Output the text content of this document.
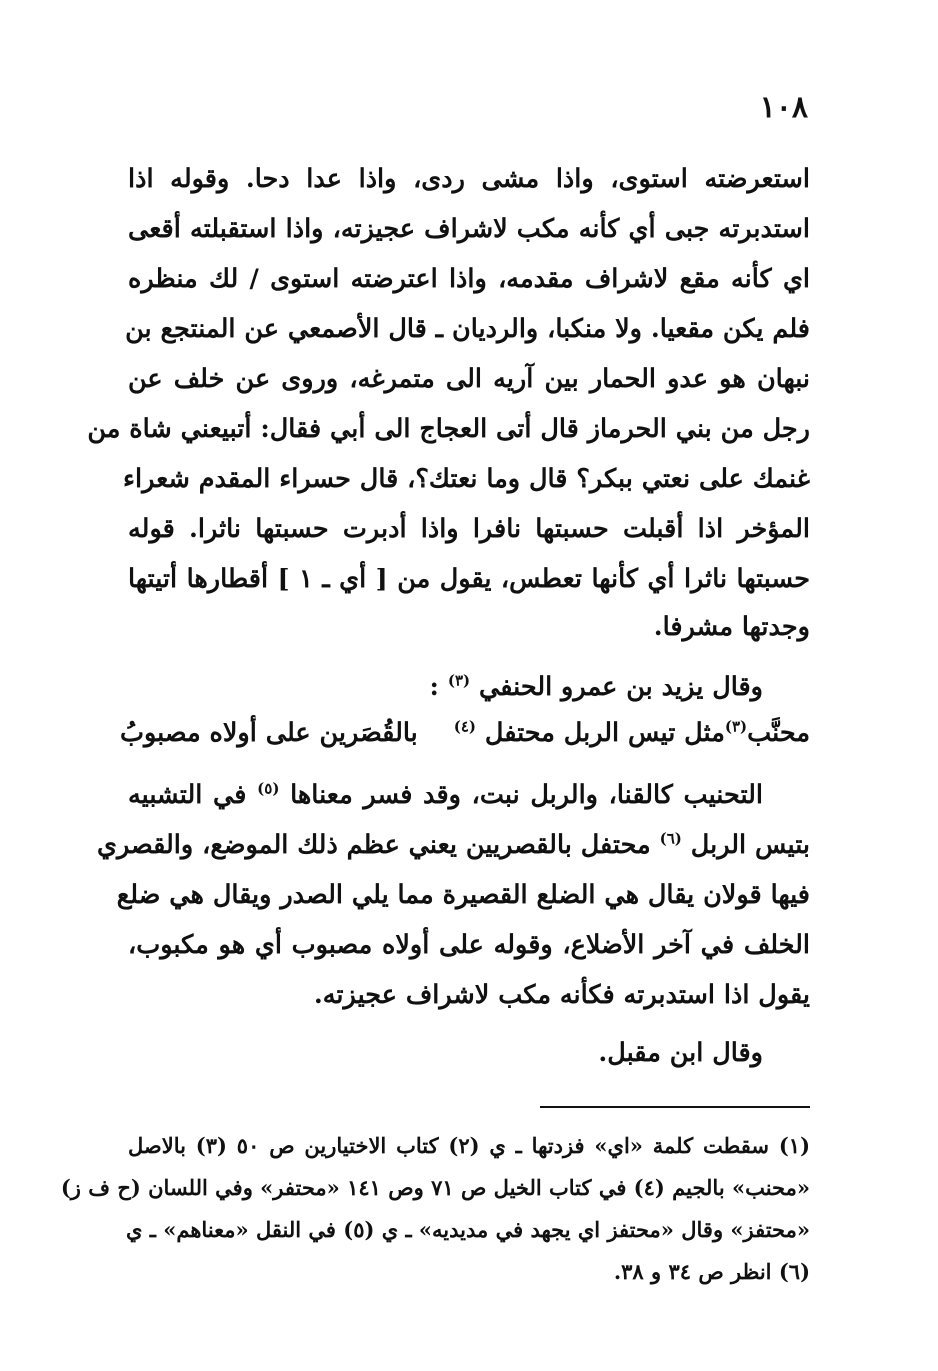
١٠٨
استعرضته استوى، واذا مشى ردى، واذا عدا دحا. وقوله اذا
استدبرته جبى أي كأنه مكب لاشراف عجيزته، واذا استقبلته أقعى
اي كأنه مقع لاشراف مقدمه، واذا اعترضته استوى / لك منظره
فلم يكن مقعيا. ولا منكبا، والرديان ـ قال الأصمعي عن المنتجع بن
نبهان هو عدو الحمار بين آريه الى متمرغه، وروى عن خلف عن
رجل من بني الحرماز قال أتى العجاج الى أبي فقال: أتبيعني شاة من
غنمك على نعتي ببكر؟ قال وما نعتك؟، قال حسراء المقدم شعراء
المؤخر اذا أقبلت حسبتها نافرا واذا أدبرت حسبتها ناثرا. قوله
حسبتها ناثرا أي كأنها تعطس، يقول من [ أي ـ ١ ] أقطارها أتيتها
وجدتها مشرفا.
وقال يزيد بن عمرو الحنفي $^{(٣)}$ :
محنَّب$^{(٣)}$مثل تيس الربل محتفل $^{(٤)}$
بالقُصَرين على أولاه مصبوبُ
التحنيب كالقنا، والربل نبت، وقد فسر معناها $^{(٥)}$ في التشبيه
بتيس الربل $^{(٦)}$ محتفل بالقصريين يعني عظم ذلك الموضع، والقصري
فيها قولان يقال هي الضلع القصيرة مما يلي الصدر ويقال هي ضلع
الخلف في آخر الأضلاع، وقوله على أولاه مصبوب أي هو مكبوب،
يقول اذا استدبرته فكأنه مكب لاشراف عجيزته.
وقال ابن مقبل.
(١) سقطت كلمة «اي» فزدتها ـ ي (٢) كتاب الاختيارين ص ٥٠ (٣) بالاصل
«محنب» بالجيم (٤) في كتاب الخيل ص ٧١ وص ١٤١ «محتفر» وفي اللسان (ح ف ز)
«محتفز» وقال «محتفز اي يجهد في مديديه» ـ ي (٥) في النقل «معناهم» ـ ي
(٦) انظر ص ٣٤ و ٣٨.
